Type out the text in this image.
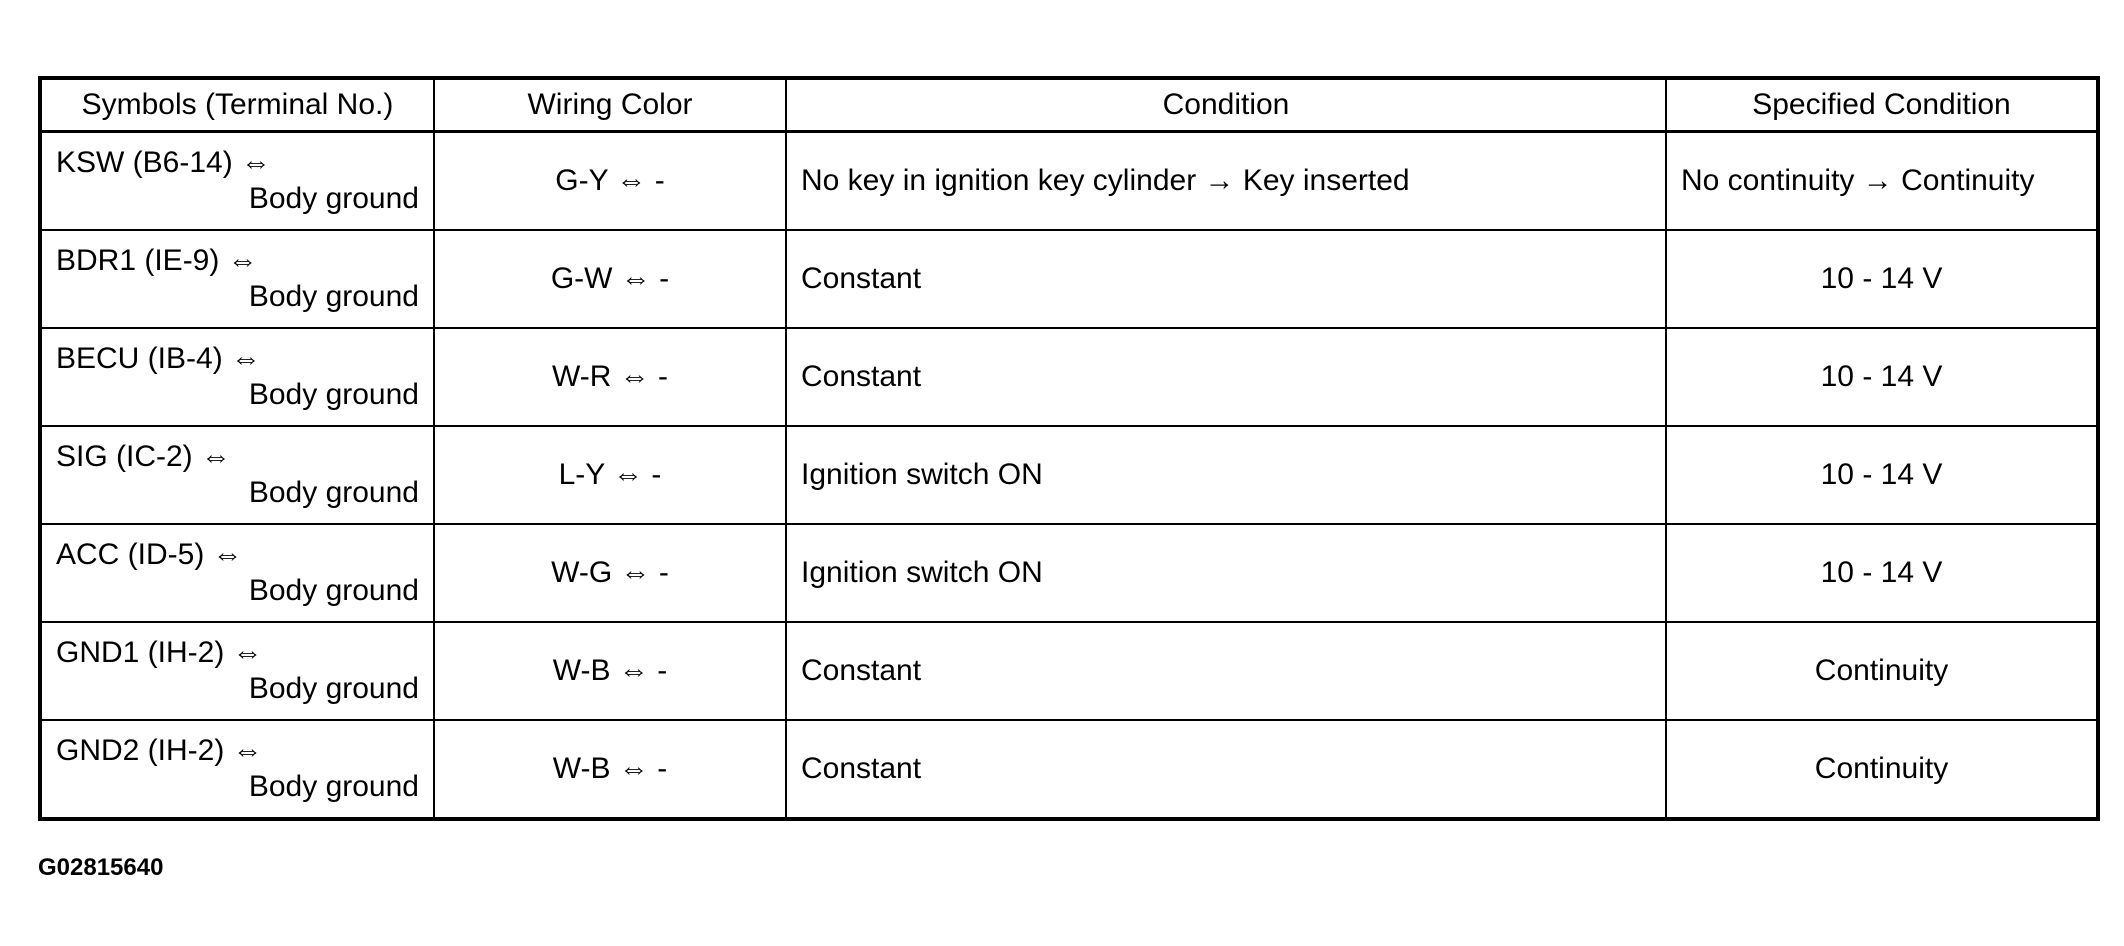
Symbols (Terminal No.)	Wiring Color	Condition	Specified Condition

KSW (B6-14) ⇔
Body ground	G-Y ⇔ -	No key in ignition key cylinder → Key inserted	No continuity → Continuity

BDR1 (IE-9) ⇔
Body ground	G-W ⇔ -	Constant	10 - 14 V

BECU (IB-4) ⇔
Body ground	W-R ⇔ -	Constant	10 - 14 V

SIG (IC-2) ⇔
Body ground	L-Y ⇔ -	Ignition switch ON	10 - 14 V

ACC (ID-5) ⇔
Body ground	W-G ⇔ -	Ignition switch ON	10 - 14 V

GND1 (IH-2) ⇔
Body ground	W-B ⇔ -	Constant	Continuity

GND2 (IH-2) ⇔
Body ground	W-B ⇔ -	Constant	Continuity
G02815640
